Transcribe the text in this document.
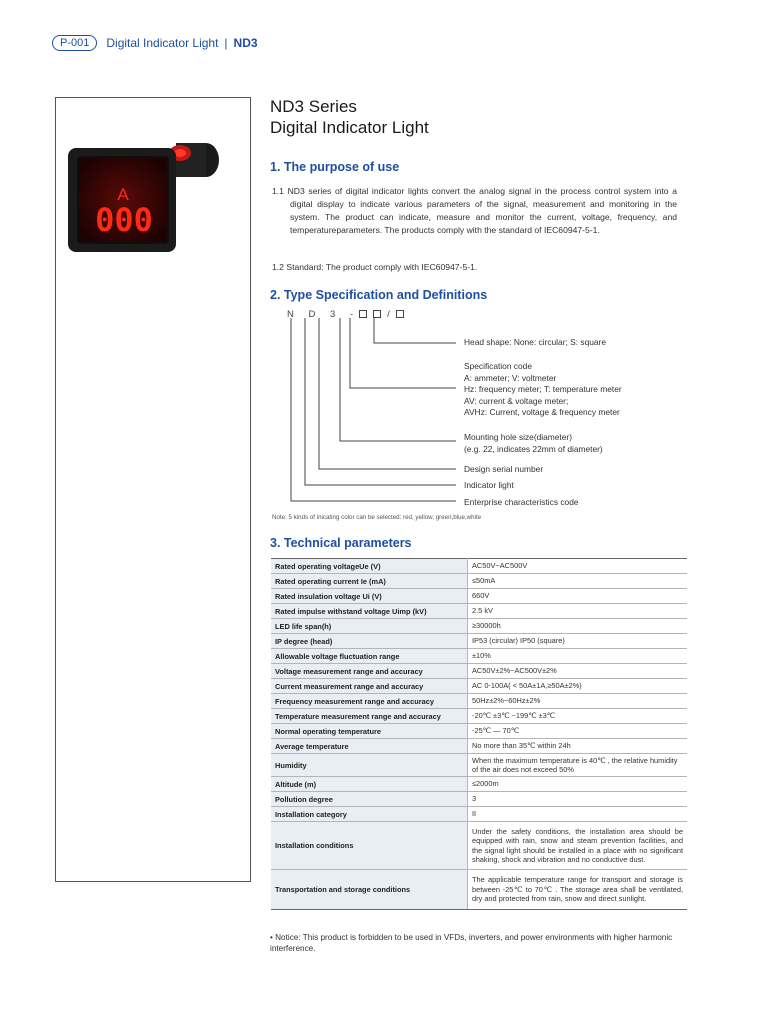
P-001	Digital Indicator Light | ND3
A
000
ND3 Series
Digital Indicator Light
1. The purpose of use
1.1 ND3 series of digital indicator lights convert the analog signal in the process control system into a digital display to indicate various parameters of the signal, measurement and monitoring in the system. The product can indicate, measure and monitor the current, voltage, frequency, and temperatureparameters. The products comply with the standard of IEC60947-5-1.
1.2 Standard: The product comply with IEC60947-5-1.
2. Type Specification and Definitions
N D 3 -	/
Head shape: None: circular; S: square
Specification code
A: ammeter; V: voltmeter
Hz: frequency meter; T: temperature meter
AV: current & voltage meter;
AVHz: Current, voltage & frequency meter
Mounting hole size(diameter)
(e.g. 22, indicates 22mm of diameter)
Design serial number
Indicator light
Enterprise characteristics code
Note: 5 kinds of inicating color can be selected: red, yellow, green,blue,white
3. Technical parameters
Rated operating voltageUe (V)	AC50V~AC500V
Rated operating current Ie (mA)	≤50mA
Rated insulation voltage Ui (V)	660V
Rated impulse withstand voltage Uimp (kV)	2.5 kV
LED life span(h)	≥30000h
IP degree (head)	IP53 (circular) IP50 (square)
Allowable voltage fluctuation range	±10%
Voltage measurement range and accuracy	AC50V±2%~AC500V±2%
Current measurement range and accuracy	AC 0-100A( < 50A±1A,≥50A±2%)
Frequency measurement range and accuracy	50Hz±2%~60Hz±2%
Temperature measurement range and accuracy	-20℃ ±3℃ ~199℃ ±3℃
Normal operating temperature	-25℃ — 70℃
Average temperature	No more than 35℃ within 24h
Humidity	When the maximum temperature is 40℃ , the relative humidity of the air does not exceed 50%
Altitude (m)	≤2000m
Pollution degree	3
Installation category	II
Installation conditions	Under the safety conditions, the installation area should be equipped with rain, snow and steam prevention facilities, and the signal light should be installed in a place with no significant shaking, shock and vibration and no conductive dust.
Transportation and storage conditions	The applicable temperature range for transport and storage is between -25℃ to 70℃ . The storage area shall be ventilated, dry and protected from rain, snow and direct sunlight.
• Notice: This product is forbidden to be used in VFDs, inverters, and power environments with higher harmonic interference.
